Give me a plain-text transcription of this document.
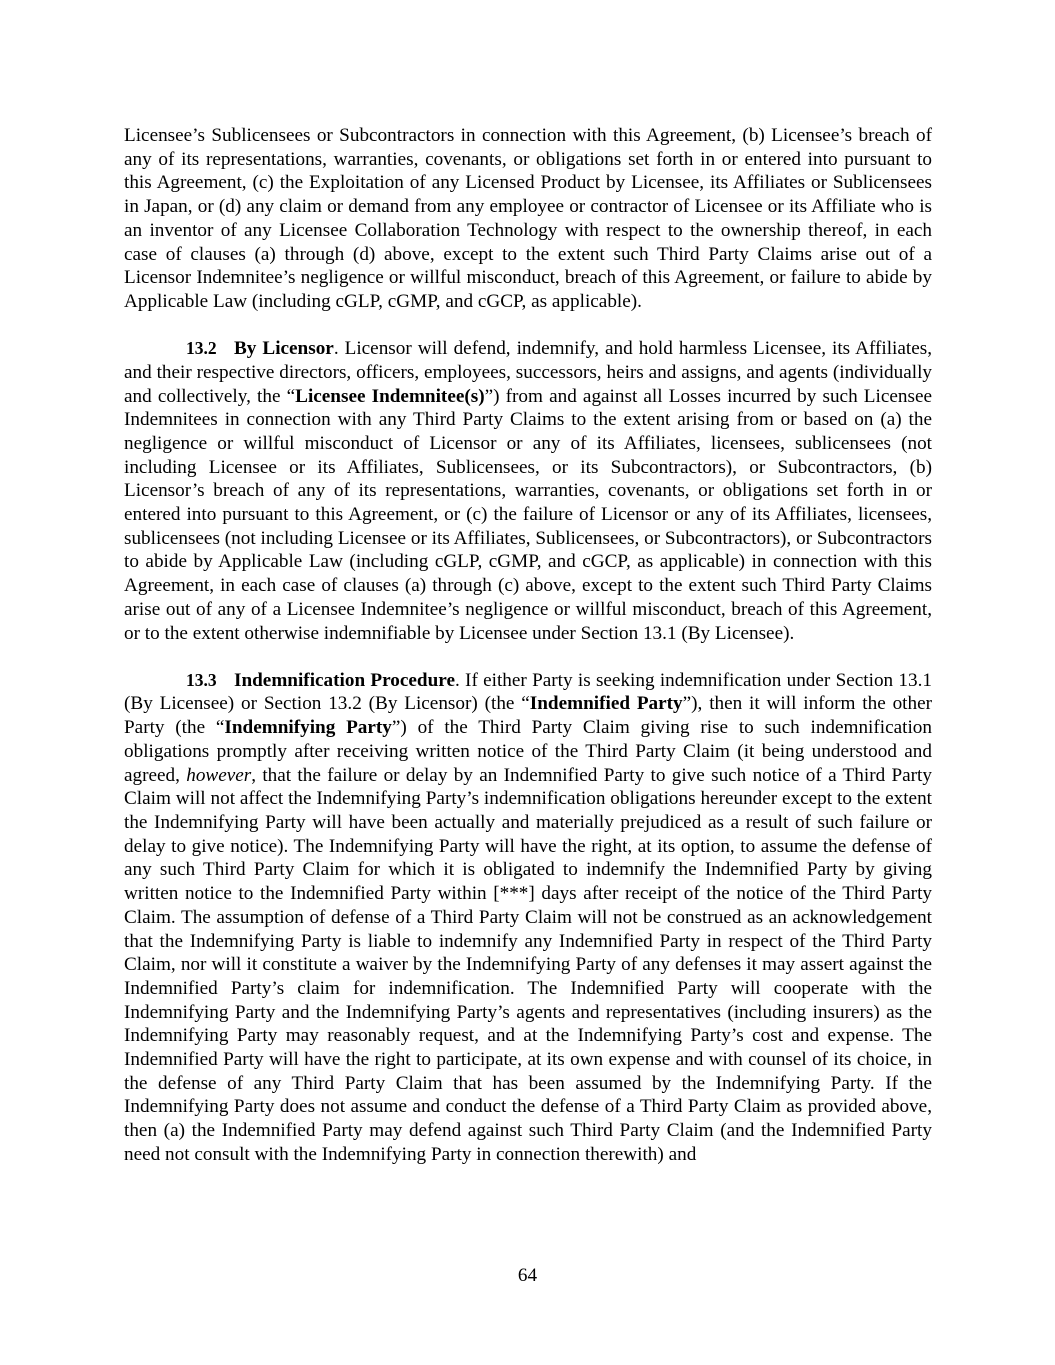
Licensee’s Sublicensees or Subcontractors in connection with this Agreement, (b) Licensee’s breach of any of its representations, warranties, covenants, or obligations set forth in or entered into pursuant to this Agreement, (c) the Exploitation of any Licensed Product by Licensee, its Affiliates or Sublicensees in Japan, or (d) any claim or demand from any employee or contractor of Licensee or its Affiliate who is an inventor of any Licensee Collaboration Technology with respect to the ownership thereof, in each case of clauses (a) through (d) above, except to the extent such Third Party Claims arise out of a Licensor Indemnitee’s negligence or willful misconduct, breach of this Agreement, or failure to abide by Applicable Law (including cGLP, cGMP, and cGCP, as applicable).

13.2 By Licensor. Licensor will defend, indemnify, and hold harmless Licensee, its Affiliates, and their respective directors, officers, employees, successors, heirs and assigns, and agents (individually and collectively, the “Licensee Indemnitee(s)”) from and against all Losses incurred by such Licensee Indemnitees in connection with any Third Party Claims to the extent arising from or based on (a) the negligence or willful misconduct of Licensor or any of its Affiliates, licensees, sublicensees (not including Licensee or its Affiliates, Sublicensees, or its Subcontractors), or Subcontractors, (b) Licensor’s breach of any of its representations, warranties, covenants, or obligations set forth in or entered into pursuant to this Agreement, or (c) the failure of Licensor or any of its Affiliates, licensees, sublicensees (not including Licensee or its Affiliates, Sublicensees, or Subcontractors), or Subcontractors to abide by Applicable Law (including cGLP, cGMP, and cGCP, as applicable) in connection with this Agreement, in each case of clauses (a) through (c) above, except to the extent such Third Party Claims arise out of any of a Licensee Indemnitee’s negligence or willful misconduct, breach of this Agreement, or to the extent otherwise indemnifiable by Licensee under Section 13.1 (By Licensee).

13.3 Indemnification Procedure. If either Party is seeking indemnification under Section 13.1 (By Licensee) or Section 13.2 (By Licensor) (the “Indemnified Party”), then it will inform the other Party (the “Indemnifying Party”) of the Third Party Claim giving rise to such indemnification obligations promptly after receiving written notice of the Third Party Claim (it being understood and agreed, however, that the failure or delay by an Indemnified Party to give such notice of a Third Party Claim will not affect the Indemnifying Party’s indemnification obligations hereunder except to the extent the Indemnifying Party will have been actually and materially prejudiced as a result of such failure or delay to give notice). The Indemnifying Party will have the right, at its option, to assume the defense of any such Third Party Claim for which it is obligated to indemnify the Indemnified Party by giving written notice to the Indemnified Party within [***] days after receipt of the notice of the Third Party Claim. The assumption of defense of a Third Party Claim will not be construed as an acknowledgement that the Indemnifying Party is liable to indemnify any Indemnified Party in respect of the Third Party Claim, nor will it constitute a waiver by the Indemnifying Party of any defenses it may assert against the Indemnified Party’s claim for indemnification. The Indemnified Party will cooperate with the Indemnifying Party and the Indemnifying Party’s agents and representatives (including insurers) as the Indemnifying Party may reasonably request, and at the Indemnifying Party’s cost and expense. The Indemnified Party will have the right to participate, at its own expense and with counsel of its choice, in the defense of any Third Party Claim that has been assumed by the Indemnifying Party. If the Indemnifying Party does not assume and conduct the defense of a Third Party Claim as provided above, then (a) the Indemnified Party may defend against such Third Party Claim (and the Indemnified Party need not consult with the Indemnifying Party in connection therewith) and

64
